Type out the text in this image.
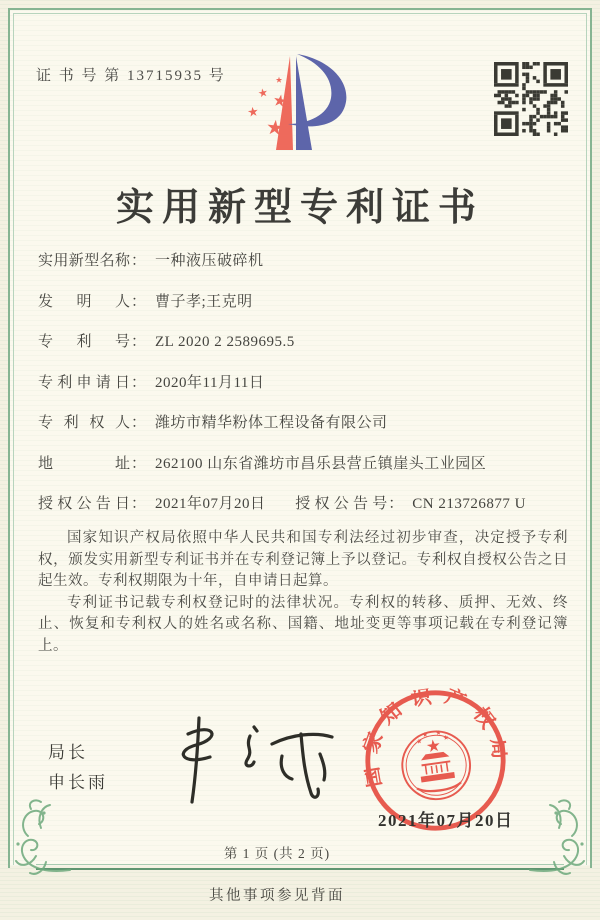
证 书 号 第 13715935 号
实用新型专利证书
实用新型名称： 一种液压破碎机
发明人： 曹子孝;王克明
专利号： ZL 2020 2 2589695.5
专利申请日： 2020年11月11日
专利权人： 潍坊市精华粉体工程设备有限公司
地址： 262100 山东省潍坊市昌乐县营丘镇崖头工业园区
授权公告日： 2021年07月20日 授权公告号： CN 213726877 U

国家知识产权局依照中华人民共和国专利法经过初步审查，决定授予专利权，颁发实用新型专利证书并在专利登记簿上予以登记。专利权自授权公告之日起生效。专利权期限为十年，自申请日起算。

专利证书记载专利权登记时的法律状况。专利权的转移、质押、无效、终止、恢复和专利权人的姓名或名称、国籍、地址变更等事项记载在专利登记簿上。

局长
申长雨	国家知识产权局
2021年07月20日
第 1 页 (共 2 页)
其他事项参见背面
